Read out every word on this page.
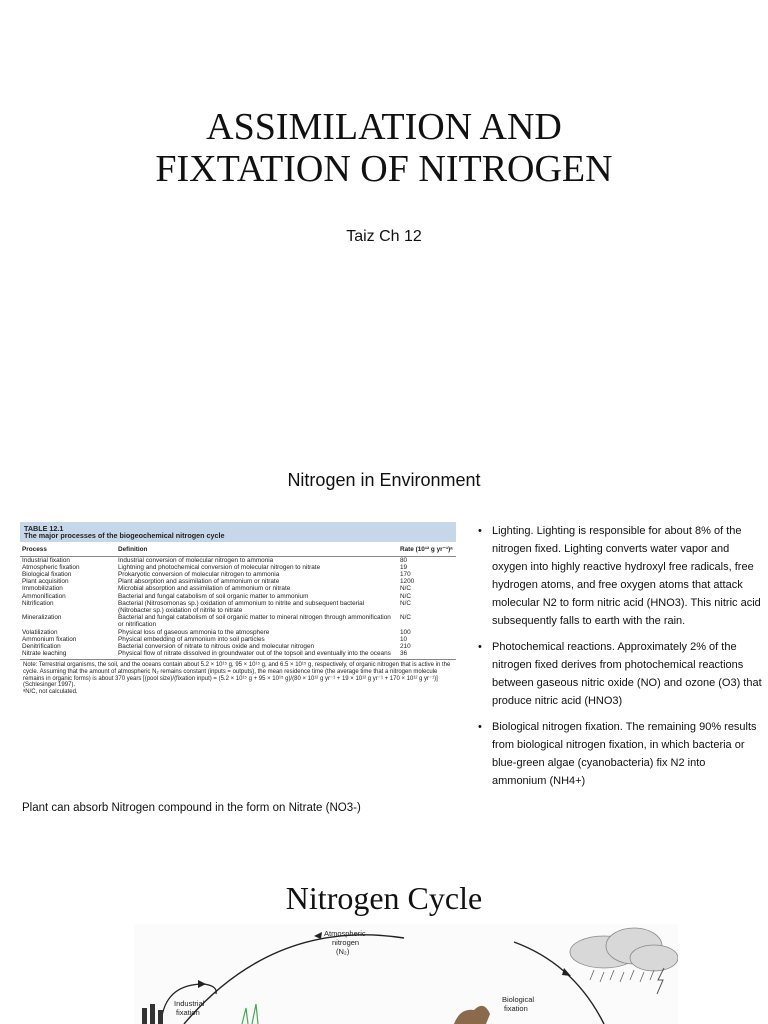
ASSIMILATION AND
FIXTATION OF NITROGEN
Taiz Ch 12
Nitrogen in Environment
TABLE 12.1
The major processes of the biogeochemical nitrogen cycle
Process	Definition	Rate (10¹² g yr⁻¹)ᵃ
Industrial fixation	Industrial conversion of molecular nitrogen to ammonia	80
Atmospheric fixation	Lightning and photochemical conversion of molecular nitrogen to nitrate	19
Biological fixation	Prokaryotic conversion of molecular nitrogen to ammonia	170
Plant acquisition	Plant absorption and assimilation of ammonium or nitrate	1200
Immobilization	Microbial absorption and assimilation of ammonium or nitrate	N/C
Ammonification	Bacterial and fungal catabolism of soil organic matter to ammonium	N/C
Nitrification	Bacterial (Nitrosomonas sp.) oxidation of ammonium to nitrite and subsequent bacterial (Nitrobacter sp.) oxidation of nitrite to nitrate	N/C
Mineralization	Bacterial and fungal catabolism of soil organic matter to mineral nitrogen through ammonification or nitrification	N/C
Volatilization	Physical loss of gaseous ammonia to the atmosphere	100
Ammonium fixation	Physical embedding of ammonium into soil particles	10
Denitrification	Bacterial conversion of nitrate to nitrous oxide and molecular nitrogen	210
Nitrate leaching	Physical flow of nitrate dissolved in groundwater out of the topsoil and eventually into the oceans	36
Note: Terrestrial organisms, the soil, and the oceans contain about 5.2 × 10¹⁵ g, 95 × 10¹⁵ g, and 6.5 × 10¹⁵ g, respectively, of organic nitrogen that is active in the cycle. Assuming that the amount of atmospheric N₂ remains constant (inputs = outputs), the mean residence time (the average time that a nitrogen molecule remains in organic forms) is about 370 years [(pool size)/(fixation input) = (5.2 × 10¹⁵ g + 95 × 10¹⁵ g)/(80 × 10¹² g yr⁻¹ + 19 × 10¹² g yr⁻¹ + 170 × 10¹² g yr⁻¹)] (Schlesinger 1997).
ᵃN/C, not calculated.
Plant can absorb Nitrogen compound in the form on Nitrate (NO3-)
• Lighting. Lighting is responsible for about 8% of the nitrogen fixed. Lighting converts water vapor and oxygen into highly reactive hydroxyl free radicals, free hydrogen atoms, and free oxygen atoms that attack molecular N2 to form nitric acid (HNO3). This nitric acid subsequently falls to earth with the rain.
• Photochemical reactions. Approximately 2% of the nitrogen fixed derives from photochemical reactions between gaseous nitric oxide (NO) and ozone (O3) that produce nitric acid (HNO3)
• Biological nitrogen fixation. The remaining 90% results from biological nitrogen fixation, in which bacteria or blue-green algae (cyanobacteria) fix N2 into ammonium (NH4+)
Nitrogen Cycle
Atmospheric
nitrogen
(N₂)
Industrial
fixation
Biological
fixation
